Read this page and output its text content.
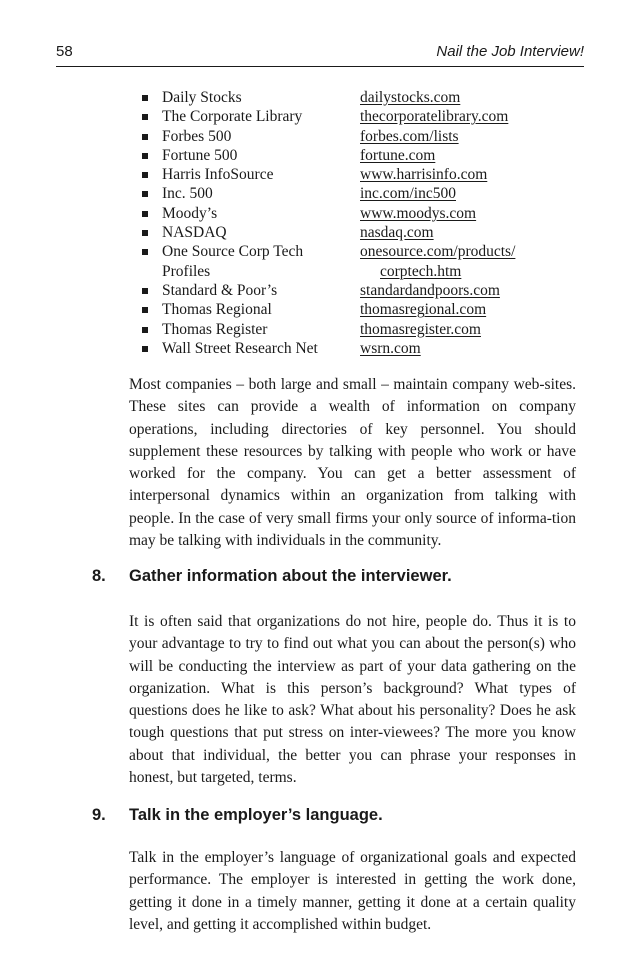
58	Nail the Job Interview!
Daily Stocks	dailystocks.com
The Corporate Library	thecorporatelibrary.com
Forbes 500	forbes.com/lists
Fortune 500	fortune.com
Harris InfoSource	www.harrisinfo.com
Inc. 500	inc.com/inc500
Moody’s	www.moodys.com
NASDAQ	nasdaq.com
One Source Corp Tech	onesource.com/products/
Profiles	corptech.htm
Standard & Poor’s	standardandpoors.com
Thomas Regional	thomasregional.com
Thomas Register	thomasregister.com
Wall Street Research Net	wsrn.com

Most companies – both large and small – maintain company web-sites. These sites can provide a wealth of information on company operations, including directories of key personnel. You should supplement these resources by talking with people who work or have worked for the company. You can get a better assessment of interpersonal dynamics within an organization from talking with people. In the case of very small firms your only source of informa-tion may be talking with individuals in the community.

8. Gather information about the interviewer.

It is often said that organizations do not hire, people do. Thus it is to your advantage to try to find out what you can about the person(s) who will be conducting the interview as part of your data gathering on the organization. What is this person’s background? What types of questions does he like to ask? What about his personality? Does he ask tough questions that put stress on inter-viewees? The more you know about that individual, the better you can phrase your responses in honest, but targeted, terms.

9. Talk in the employer’s language.

Talk in the employer’s language of organizational goals and expected performance. The employer is interested in getting the work done, getting it done in a timely manner, getting it done at a certain quality level, and getting it accomplished within budget.
